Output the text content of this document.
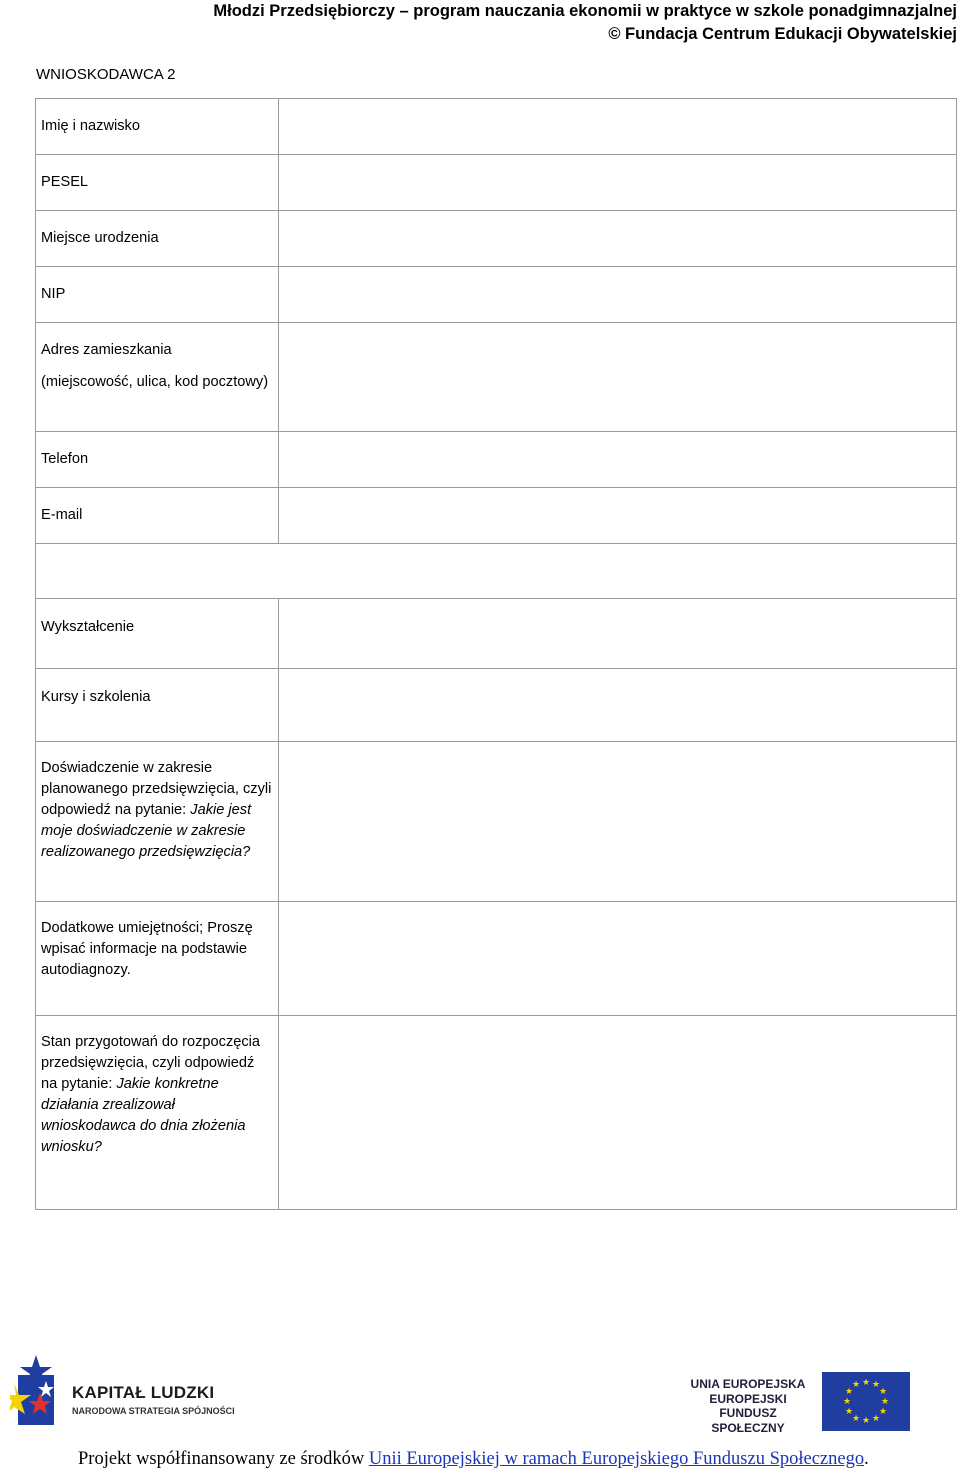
Młodzi Przedsiębiorczy – program nauczania ekonomii w praktyce w szkole ponadgimnazjalnej
© Fundacja Centrum Edukacji Obywatelskiej
WNIOSKODAWCA 2
Imię i nazwisko	

PESEL	

Miejsce urodzenia	

NIP	

Adres zamieszkania
(miejscowość, ulica, kod pocztowy)	

Telefon	

E-mail	

Wykształcenie	

Kursy i szkolenia	

Doświadczenie w zakresie planowanego przedsięwzięcia, czyli odpowiedź na pytanie: Jakie jest moje doświadczenie w zakresie realizowanego przedsięwzięcia?	

Dodatkowe umiejętności; Proszę wpisać informacje na podstawie autodiagnozy.	

Stan przygotowań do rozpoczęcia przedsięwzięcia, czyli odpowiedź na pytanie: Jakie konkretne działania zrealizował wnioskodawca do dnia złożenia wniosku?	

KAPITAŁ LUDZKI
NARODOWA STRATEGIA SPÓJNOŚCI
UNIA EUROPEJSKA
EUROPEJSKI
FUNDUSZ SPOŁECZNY
★ ★
★
★
★
★
★
★
★
★
★
★
Projekt współfinansowany ze środków Unii Europejskiej w ramach Europejskiego Funduszu Społecznego.
